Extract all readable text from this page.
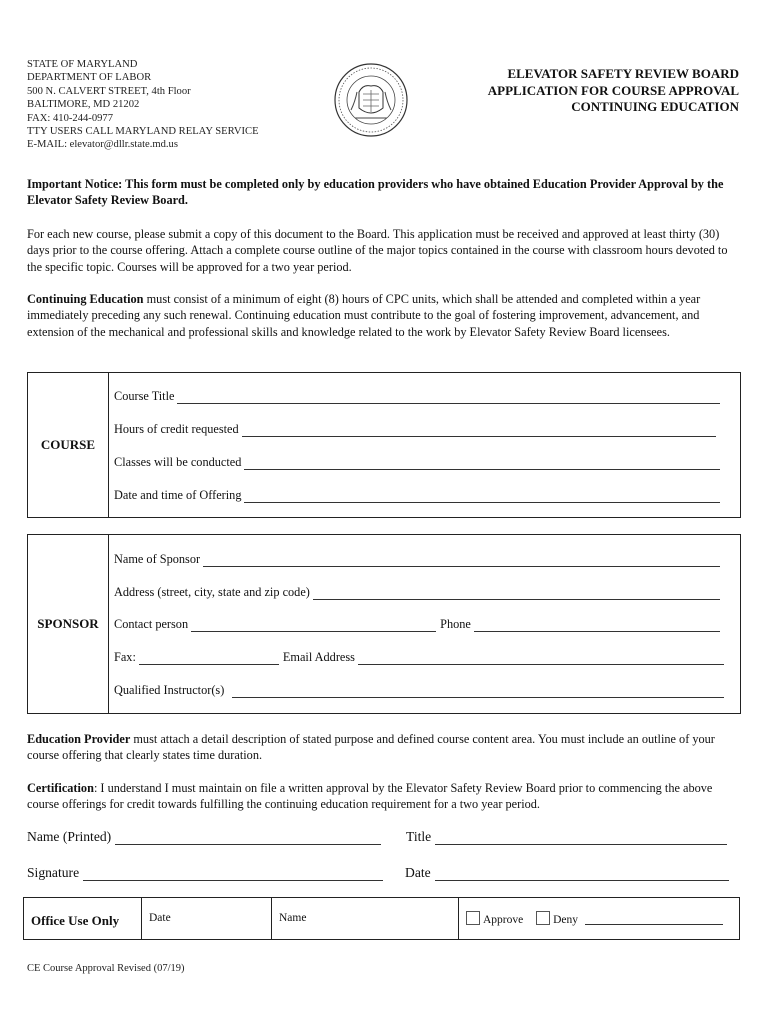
STATE OF MARYLAND
DEPARTMENT OF LABOR
500 N. CALVERT STREET, 4th Floor
BALTIMORE, MD 21202
FAX: 410-244-0977
TTY USERS CALL MARYLAND RELAY SERVICE
E-MAIL: elevator@dllr.state.md.us
ELEVATOR SAFETY REVIEW BOARD
APPLICATION FOR COURSE APPROVAL
CONTINUING EDUCATION
Important Notice: This form must be completed only by education providers who have obtained Education Provider Approval by the Elevator Safety Review Board.
For each new course, please submit a copy of this document to the Board. This application must be received and approved at least thirty (30) days prior to the course offering. Attach a complete course outline of the major topics contained in the course with classroom hours devoted to the specific topic. Courses will be approved for a two year period.
Continuing Education must consist of a minimum of eight (8) hours of CPC units, which shall be attended and completed within a year immediately preceding any such renewal. Continuing education must contribute to the goal of fostering improvement, advancement, and extension of the mechanical and professional skills and knowledge related to the work by Elevator Safety Review Board licensees.
COURSE
Course Title
Hours of credit requested
Classes will be conducted
Date and time of Offering
SPONSOR
Name of Sponsor
Address (street, city, state and zip code)
Contact person	Phone
Fax:	Email Address
Qualified Instructor(s)
Education Provider must attach a detail description of stated purpose and defined course content area. You must include an outline of your course offering that clearly states time duration.
Certification: I understand I must maintain on file a written approval by the Elevator Safety Review Board prior to commencing the above course offerings for credit towards fulfilling the continuing education requirement for a two year period.
Name (Printed)	Title
Signature	Date
Office Use Only	Date	Name	Approve	Deny
CE Course Approval Revised (07/19)
